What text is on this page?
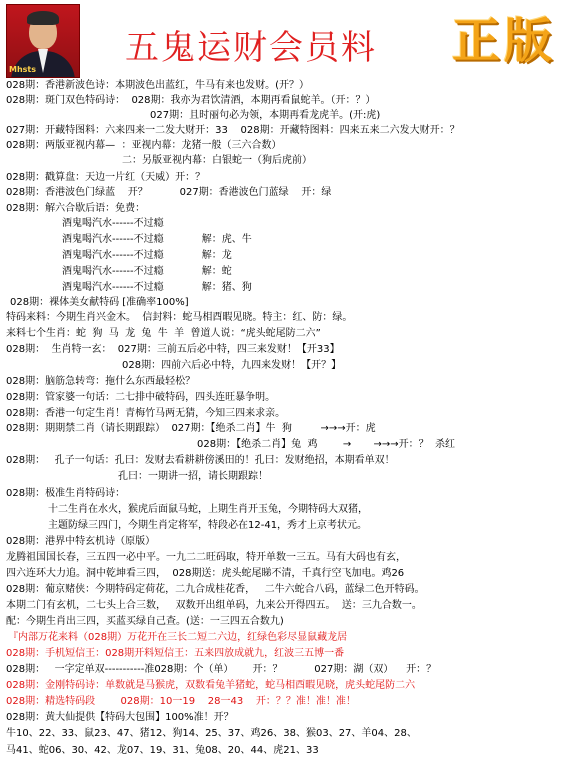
Mhsts
五鬼运财会员料 正版
028期：香港新波色诗：本期波色出蓝红，牛马有来也发财。(开？）
028期：斑门双色特码诗：  028期：我亦为君饮清酒，本期再看鼠蛇羊。（开：？）
027期：且时丽句必为领，本期再看龙虎羊。(开:虎)
027期：开藏特图料：六来四来一二发大财开：33    028期：开藏特图料：四来五来二六发大财开：？
028期：两版亚视内幕—  ：亚视内幕：龙猪一般（三六合数）
二：另版亚视内幕：白银蛇一（狗后虎前）
028期：戳算盘：天边一片红（天威）开：？
028期：香港波色门绿蓝    开？          027期：香港波色门蓝绿    开：绿
028期：解六合歇后语：免费：
酒鬼喝汽水------不过瘾
酒鬼喝汽水------不过瘾            解：虎、牛
酒鬼喝汽水------不过瘾            解：龙
酒鬼喝汽水------不过瘾            解：蛇
酒鬼喝汽水------不过瘾            解：猪、狗
028期：裸体美女献特码 [准确率100%]
特码来料：今期生肖兴金木。  信封料：蛇马相酉暇见晓。特主：红、防：绿。
来料七个生肖：蛇  狗  马  龙  兔  牛  羊  曾道人说：“虎头蛇尾防二六”
028期：  生肖特一玄：  027期：三前五后必中特，四三来发财！【开33】
028期：四前六后必中特，九四来发财！【开？】
028期：脑筋急转弯：拖什么东西最轻松？
028期：管家婆一句话：二七排中破特码，四头连旺暴争明。
028期：香港一句定生肖！青梅竹马两无猜，今知三四来求亲。
028期：期期禁二肖（请长期跟踪）  027期：【绝杀二肖】牛  狗         →→→开：虎
028期：【绝杀二肖】兔  鸡        →       →→→开：？  杀红
028期：   孔子一句话：孔曰：发财去看耕耕傍溪田的！孔曰：发财绝招，本期看单双！
孔曰：一期讲一招，请长期跟踪！
028期：极准生肖特码诗：
十二生肖在水火，猴虎后面鼠马蛇，上期生肖开玉兔，今期特码大双猪，
主题防绿三四门，今期生肖定将军，特段必在12-41，秀才上京考状元。
028期：港界中特玄机诗（原版）
龙腾祖国国长春，三五四一必中平。一九二二旺码取，特开单数一三五。马有大码也有玄，
四六连环大力追。洞中乾坤看三四，  028期送：虎头蛇尾睇不清，千真行空飞加电。鸡26
028期：葡京赌侠：今期特码定荷花，二九合成桂花香，   二牛六蛇合八码，蓝绿二色开特码。
本期二门有玄机，二七头上合三数，   双数开出组单码，九来公开得四五。  送：三九合数一。
配：今期生肖出三四，买蓝买绿自己查。(送：一三四五合数九)
『内部万花来料（028期）万花开在三长二短二六边，红绿色彩尽显鼠藏龙居
028期：手机短信王：028期开料短信王：五来四放成就九，红波三五博一番
028期：   一字定单双-----------准028期：个（单）      开：？          027期：湖（双）    开：？
028期：金刚特码诗：单数就是马猴虎，双数看兔羊猪蛇，蛇马相酉暇见晓，虎头蛇尾防二六
028期：精选特码段        028期：10一19    28一43    开：？？准！准！准！
028期：黄大仙提供【特码大包围】100%准！开？
牛10、22、33、鼠23、47、猪12、狗14、25、37、鸡26、38、猴03、27、羊04、28、
马41、蛇06、30、42、龙07、19、31、兔08、20、44、虎21、33
